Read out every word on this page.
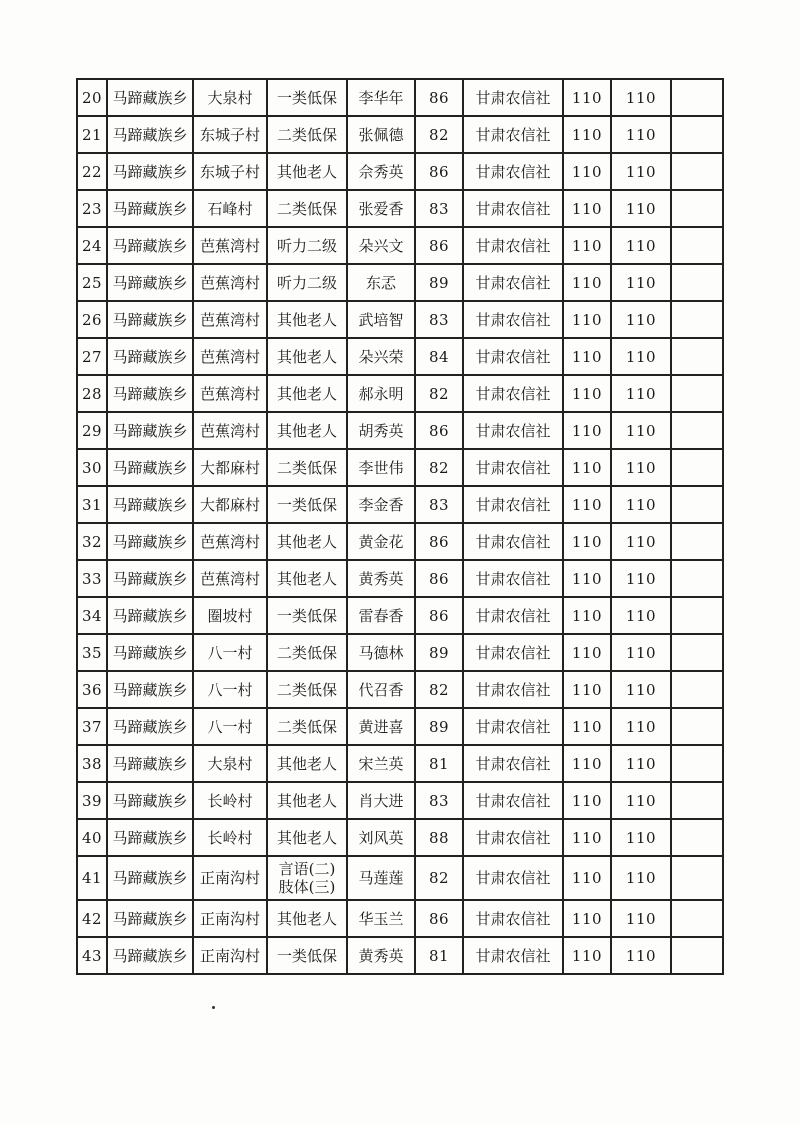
20	马蹄藏族乡	大泉村	一类低保	李华年	86	甘肃农信社	110	110	
21	马蹄藏族乡	东城子村	二类低保	张佩德	82	甘肃农信社	110	110	
22	马蹄藏族乡	东城子村	其他老人	佘秀英	86	甘肃农信社	110	110	
23	马蹄藏族乡	石峰村	二类低保	张爱香	83	甘肃农信社	110	110	
24	马蹄藏族乡	芭蕉湾村	听力二级	朵兴文	86	甘肃农信社	110	110	
25	马蹄藏族乡	芭蕉湾村	听力二级	东孞	89	甘肃农信社	110	110	
26	马蹄藏族乡	芭蕉湾村	其他老人	武培智	83	甘肃农信社	110	110	
27	马蹄藏族乡	芭蕉湾村	其他老人	朵兴荣	84	甘肃农信社	110	110	
28	马蹄藏族乡	芭蕉湾村	其他老人	郝永明	82	甘肃农信社	110	110	
29	马蹄藏族乡	芭蕉湾村	其他老人	胡秀英	86	甘肃农信社	110	110	
30	马蹄藏族乡	大都麻村	二类低保	李世伟	82	甘肃农信社	110	110	
31	马蹄藏族乡	大都麻村	一类低保	李金香	83	甘肃农信社	110	110	
32	马蹄藏族乡	芭蕉湾村	其他老人	黄金花	86	甘肃农信社	110	110	
33	马蹄藏族乡	芭蕉湾村	其他老人	黄秀英	86	甘肃农信社	110	110	
34	马蹄藏族乡	圈坡村	一类低保	雷春香	86	甘肃农信社	110	110	
35	马蹄藏族乡	八一村	二类低保	马德林	89	甘肃农信社	110	110	
36	马蹄藏族乡	八一村	二类低保	代召香	82	甘肃农信社	110	110	
37	马蹄藏族乡	八一村	二类低保	黄进喜	89	甘肃农信社	110	110	
38	马蹄藏族乡	大泉村	其他老人	宋兰英	81	甘肃农信社	110	110	
39	马蹄藏族乡	长岭村	其他老人	肖大进	83	甘肃农信社	110	110	
40	马蹄藏族乡	长岭村	其他老人	刘风英	88	甘肃农信社	110	110	
41	马蹄藏族乡	正南沟村	言语(二)
肢体(三)	马莲莲	82	甘肃农信社	110	110	
42	马蹄藏族乡	正南沟村	其他老人	华玉兰	86	甘肃农信社	110	110	
43	马蹄藏族乡	正南沟村	一类低保	黄秀英	81	甘肃农信社	110	110	
